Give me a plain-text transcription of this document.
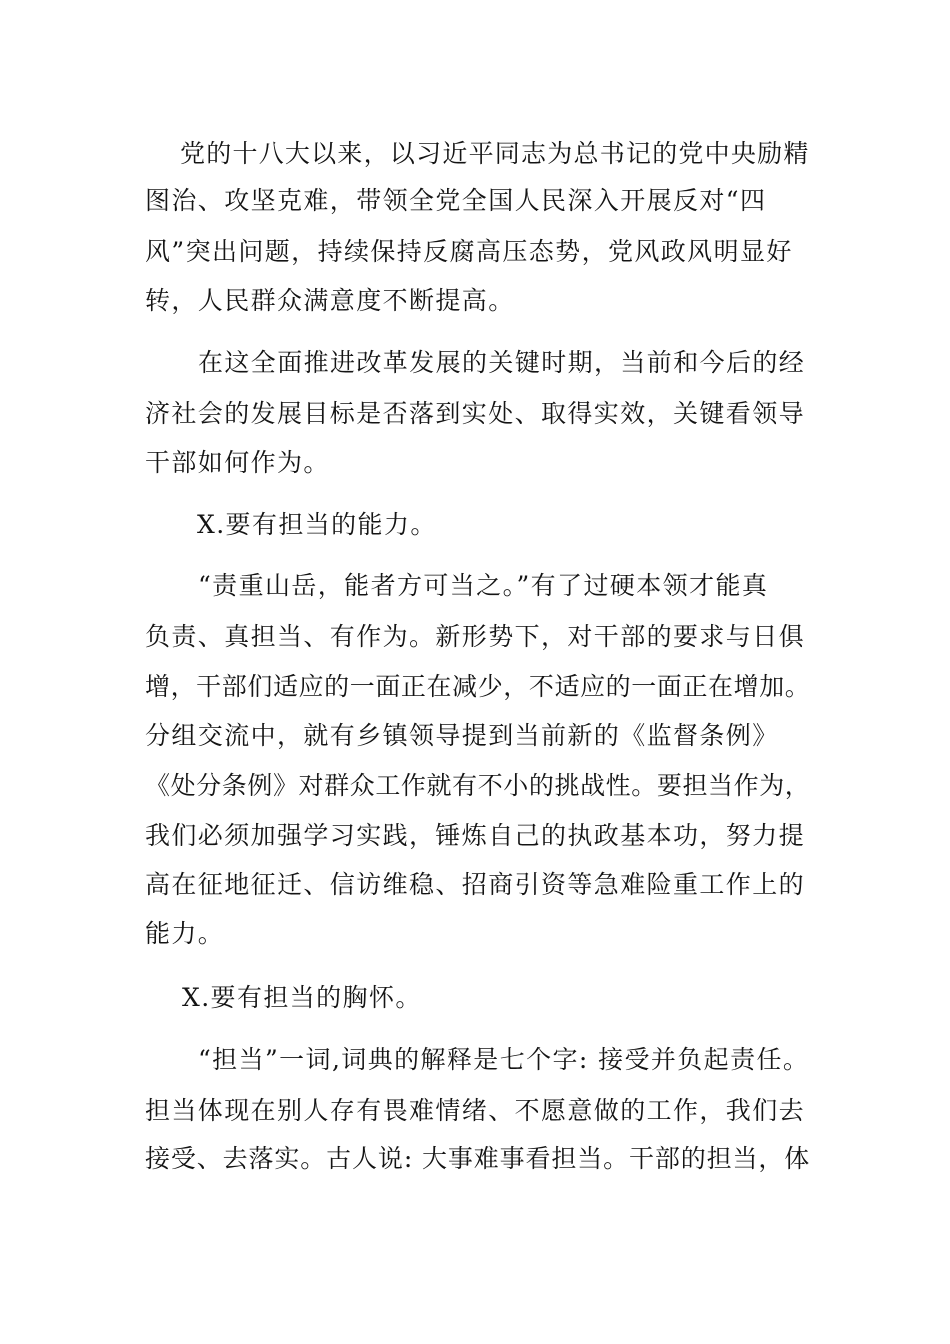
党的十八大以来，以习近平同志为总书记的党中央励精
图治、攻坚克难，带领全党全国人民深入开展反对“四
风”突出问题，持续保持反腐高压态势，党风政风明显好
转，人民群众满意度不断提高。
在这全面推进改革发展的关键时期，当前和今后的经
济社会的发展目标是否落到实处、取得实效，关键看领导
干部如何作为。
X.要有担当的能力。
“责重山岳，能者方可当之。”有了过硬本领才能真
负责、真担当、有作为。新形势下，对干部的要求与日俱
增，干部们适应的一面正在减少，不适应的一面正在增加。
分组交流中，就有乡镇领导提到当前新的《监督条例》
《处分条例》对群众工作就有不小的挑战性。要担当作为，
我们必须加强学习实践，锤炼自己的执政基本功，努力提
高在征地征迁、信访维稳、招商引资等急难险重工作上的
能力。
X.要有担当的胸怀。
“担当”一词,词典的解释是七个字: 接受并负起责任。
担当体现在别人存有畏难情绪、不愿意做的工作，我们去
接受、去落实。古人说: 大事难事看担当。干部的担当，体
